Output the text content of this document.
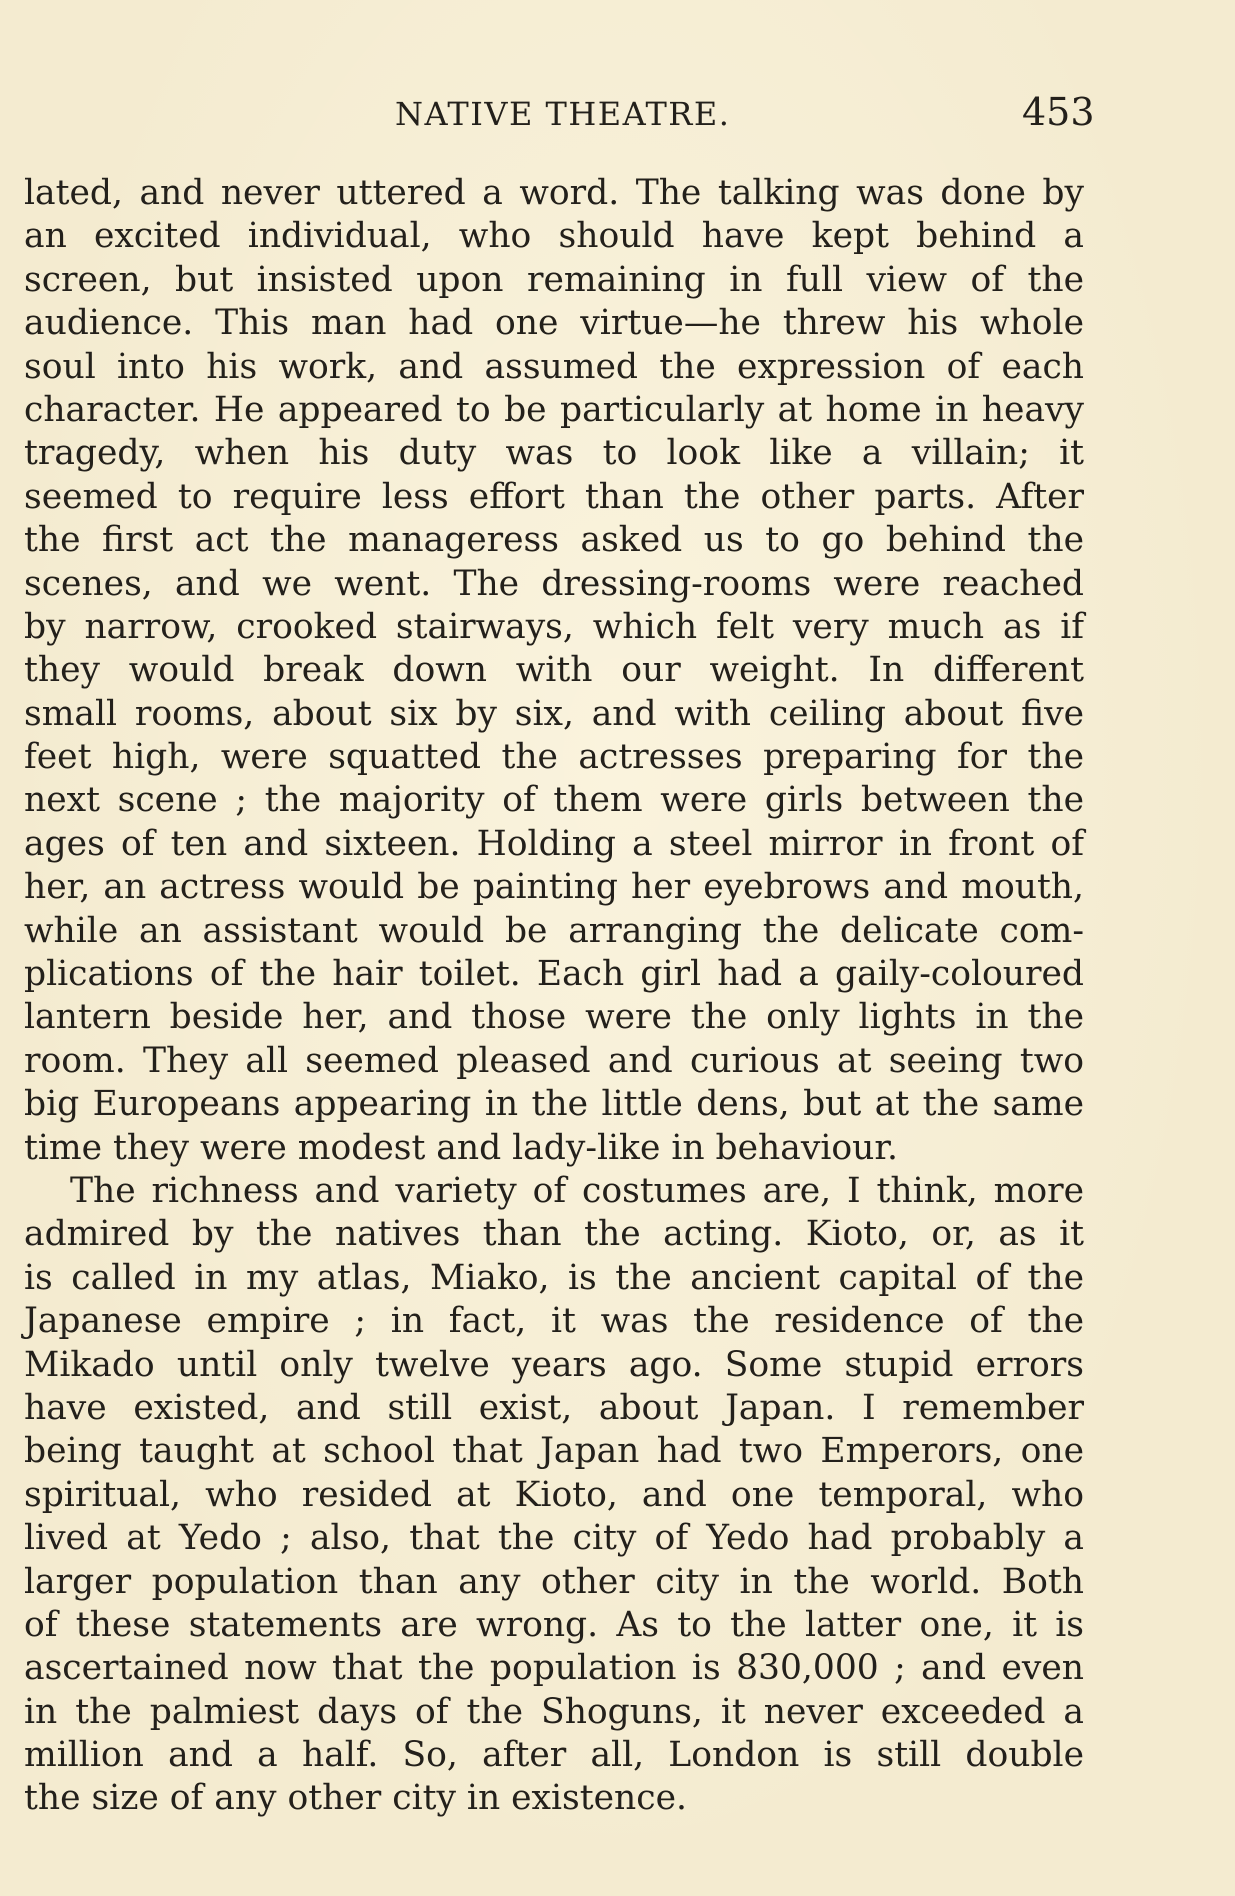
NATIVE THEATRE.	453
lated, and never uttered a word. The talking was done by
an excited individual, who should have kept behind a
screen, but insisted upon remaining in full view of the
audience. This man had one virtue—he threw his whole
soul into his work, and assumed the expression of each
character. He appeared to be particularly at home in heavy
tragedy, when his duty was to look like a villain; it
seemed to require less effort than the other parts. After
the first act the manageress asked us to go behind the
scenes, and we went. The dressing-rooms were reached
by narrow, crooked stairways, which felt very much as if
they would break down with our weight. In different
small rooms, about six by six, and with ceiling about five
feet high, were squatted the actresses preparing for the
next scene ; the majority of them were girls between the
ages of ten and sixteen. Holding a steel mirror in front of
her, an actress would be painting her eyebrows and mouth,
while an assistant would be arranging the delicate com-
plications of the hair toilet. Each girl had a gaily-coloured
lantern beside her, and those were the only lights in the
room. They all seemed pleased and curious at seeing two
big Europeans appearing in the little dens, but at the same
time they were modest and lady-like in behaviour.
The richness and variety of costumes are, I think, more
admired by the natives than the acting. Kioto, or, as it
is called in my atlas, Miako, is the ancient capital of the
Japanese empire ; in fact, it was the residence of the
Mikado until only twelve years ago. Some stupid errors
have existed, and still exist, about Japan. I remember
being taught at school that Japan had two Emperors, one
spiritual, who resided at Kioto, and one temporal, who
lived at Yedo ; also, that the city of Yedo had probably a
larger population than any other city in the world. Both
of these statements are wrong. As to the latter one, it is
ascertained now that the population is 830,000 ; and even
in the palmiest days of the Shoguns, it never exceeded a
million and a half. So, after all, London is still double
the size of any other city in existence.
